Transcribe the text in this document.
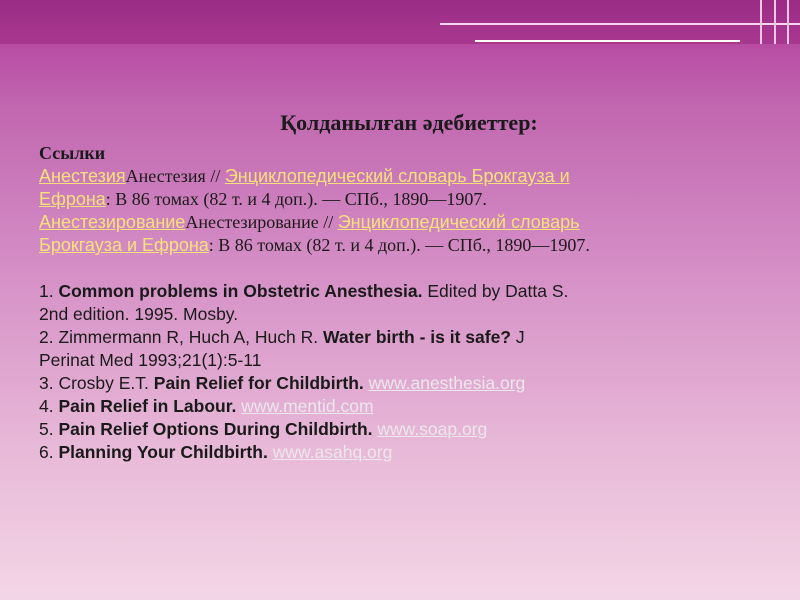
Қолданылған әдебиеттер:
Ссылки
АнестезияАнестезия // Энциклопедический словарь Брокгауза и
Ефрона: В 86 томах (82 т. и 4 доп.). — СПб., 1890—1907.
АнестезированиеАнестезирование // Энциклопедический словарь
Брокгауза и Ефрона: В 86 томах (82 т. и 4 доп.). — СПб., 1890—1907.
1. Common problems in Obstetric Anesthesia. Edited by Datta S.
2nd edition. 1995. Mosby.
2. Zimmermann R, Huch A, Huch R. Water birth - is it safe? J
Perinat Med 1993;21(1):5-11
3. Crosby E.T. Pain Relief for Childbirth. www.anesthesia.org
4. Pain Relief in Labour. www.mentid.com
5. Pain Relief Options During Childbirth. www.soap.org
6. Planning Your Childbirth. www.asahq.org
